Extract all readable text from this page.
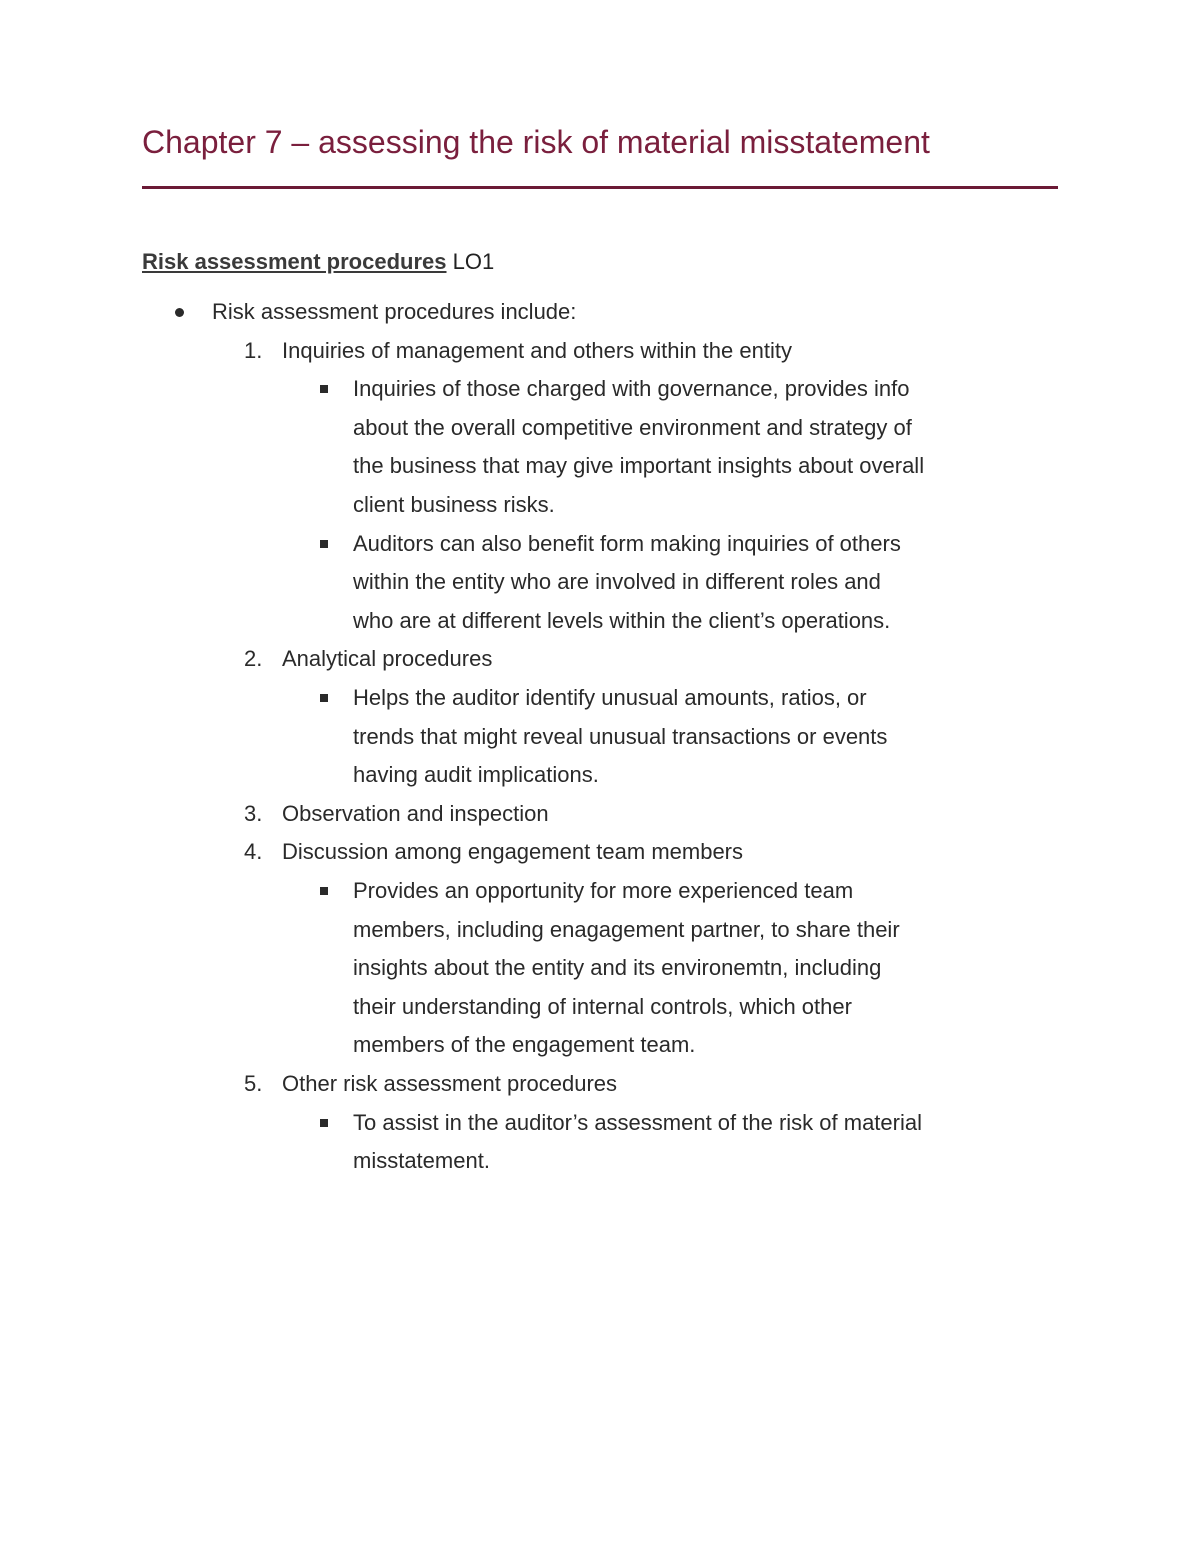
Chapter 7 – assessing the risk of material misstatement
Risk assessment procedures LO1
Risk assessment procedures include:
1. Inquiries of management and others within the entity
Inquiries of those charged with governance, provides info
about the overall competitive environment and strategy of
the business that may give important insights about overall
client business risks.
Auditors can also benefit form making inquiries of others
within the entity who are involved in different roles and
who are at different levels within the client’s operations.
2. Analytical procedures
Helps the auditor identify unusual amounts, ratios, or
trends that might reveal unusual transactions or events
having audit implications.
3. Observation and inspection
4. Discussion among engagement team members
Provides an opportunity for more experienced team
members, including enagagement partner, to share their
insights about the entity and its environemtn, including
their understanding of internal controls, which other
members of the engagement team.
5. Other risk assessment procedures
To assist in the auditor’s assessment of the risk of material
misstatement.
